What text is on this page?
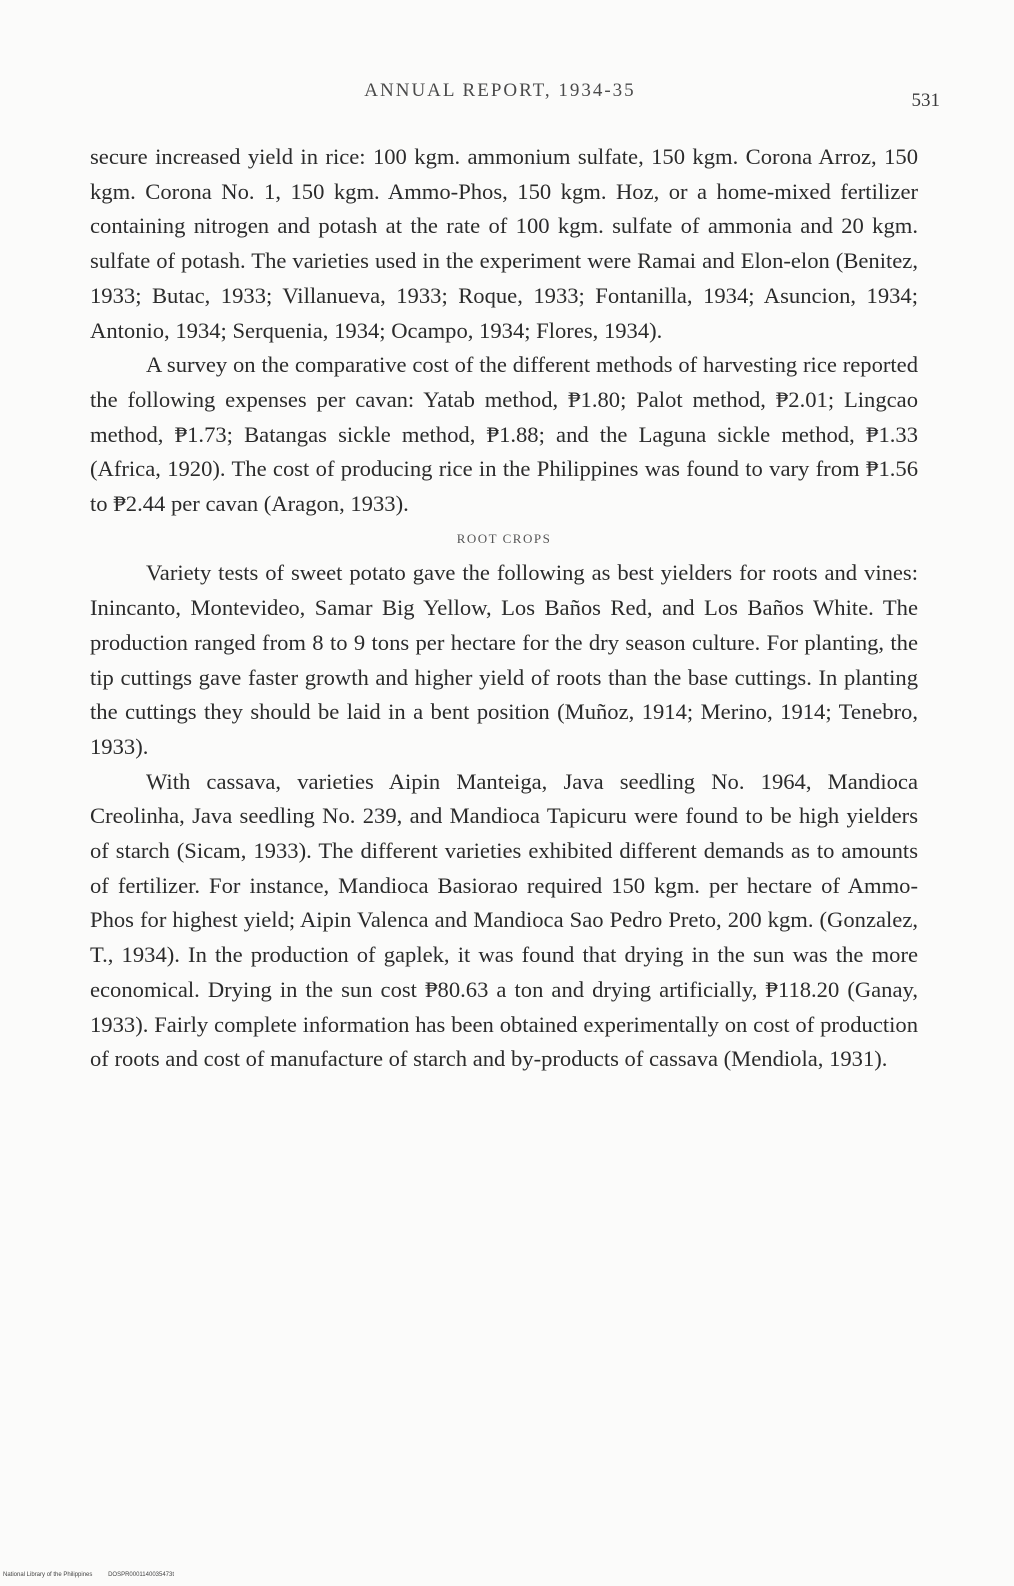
ANNUAL REPORT, 1934-35	531

secure increased yield in rice: 100 kgm. ammonium sulfate, 150 kgm. Corona Arroz, 150 kgm. Corona No. 1, 150 kgm. Ammo-Phos, 150 kgm. Hoz, or a home-mixed fertilizer containing nitrogen and potash at the rate of 100 kgm. sulfate of ammonia and 20 kgm. sulfate of potash. The varieties used in the experiment were Ramai and Elon-elon (Benitez, 1933; Butac, 1933; Villanueva, 1933; Roque, 1933; Fontanilla, 1934; Asuncion, 1934; Antonio, 1934; Serquenia, 1934; Ocampo, 1934; Flores, 1934).

A survey on the comparative cost of the different methods of harvesting rice reported the following expenses per cavan: Yatab method, ₱1.80; Palot method, ₱2.01; Lingcao method, ₱1.73; Batangas sickle method, ₱1.88; and the Laguna sickle method, ₱1.33 (Africa, 1920). The cost of producing rice in the Philippines was found to vary from ₱1.56 to ₱2.44 per cavan (Aragon, 1933).

ROOT CROPS

Variety tests of sweet potato gave the following as best yielders for roots and vines: Inincanto, Montevideo, Samar Big Yellow, Los Baños Red, and Los Baños White. The production ranged from 8 to 9 tons per hectare for the dry season culture. For planting, the tip cuttings gave faster growth and higher yield of roots than the base cuttings. In planting the cuttings they should be laid in a bent position (Muñoz, 1914; Merino, 1914; Tenebro, 1933).

With cassava, varieties Aipin Manteiga, Java seedling No. 1964, Mandioca Creolinha, Java seedling No. 239, and Mandioca Tapicuru were found to be high yielders of starch (Sicam, 1933). The different varieties exhibited different demands as to amounts of fertilizer. For instance, Mandioca Basiorao required 150 kgm. per hectare of Ammo-Phos for highest yield; Aipin Valenca and Mandioca Sao Pedro Preto, 200 kgm. (Gonzalez, T., 1934). In the production of gaplek, it was found that drying in the sun was the more economical. Drying in the sun cost ₱80.63 a ton and drying artificially, ₱118.20 (Ganay, 1933). Fairly complete information has been obtained experimentally on cost of production of roots and cost of manufacture of starch and by-products of cassava (Mendiola, 1931).

National Library of the Philippines	DOSPR0001140035473t
